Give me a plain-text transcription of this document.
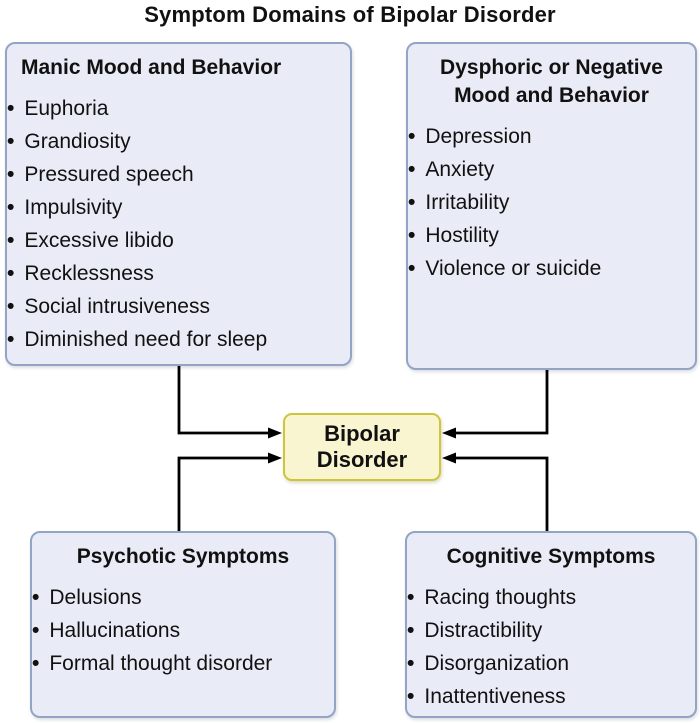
Symptom Domains of Bipolar Disorder
Manic Mood and Behavior
• Euphoria
• Grandiosity
• Pressured speech
• Impulsivity
• Excessive libido
• Recklessness
• Social intrusiveness
• Diminished need for sleep
Dysphoric or Negative Mood and Behavior
• Depression
• Anxiety
• Irritability
• Hostility
• Violence or suicide
Psychotic Symptoms
• Delusions
• Hallucinations
• Formal thought disorder
Cognitive Symptoms
• Racing thoughts
• Distractibility
• Disorganization
• Inattentiveness
Bipolar Disorder
